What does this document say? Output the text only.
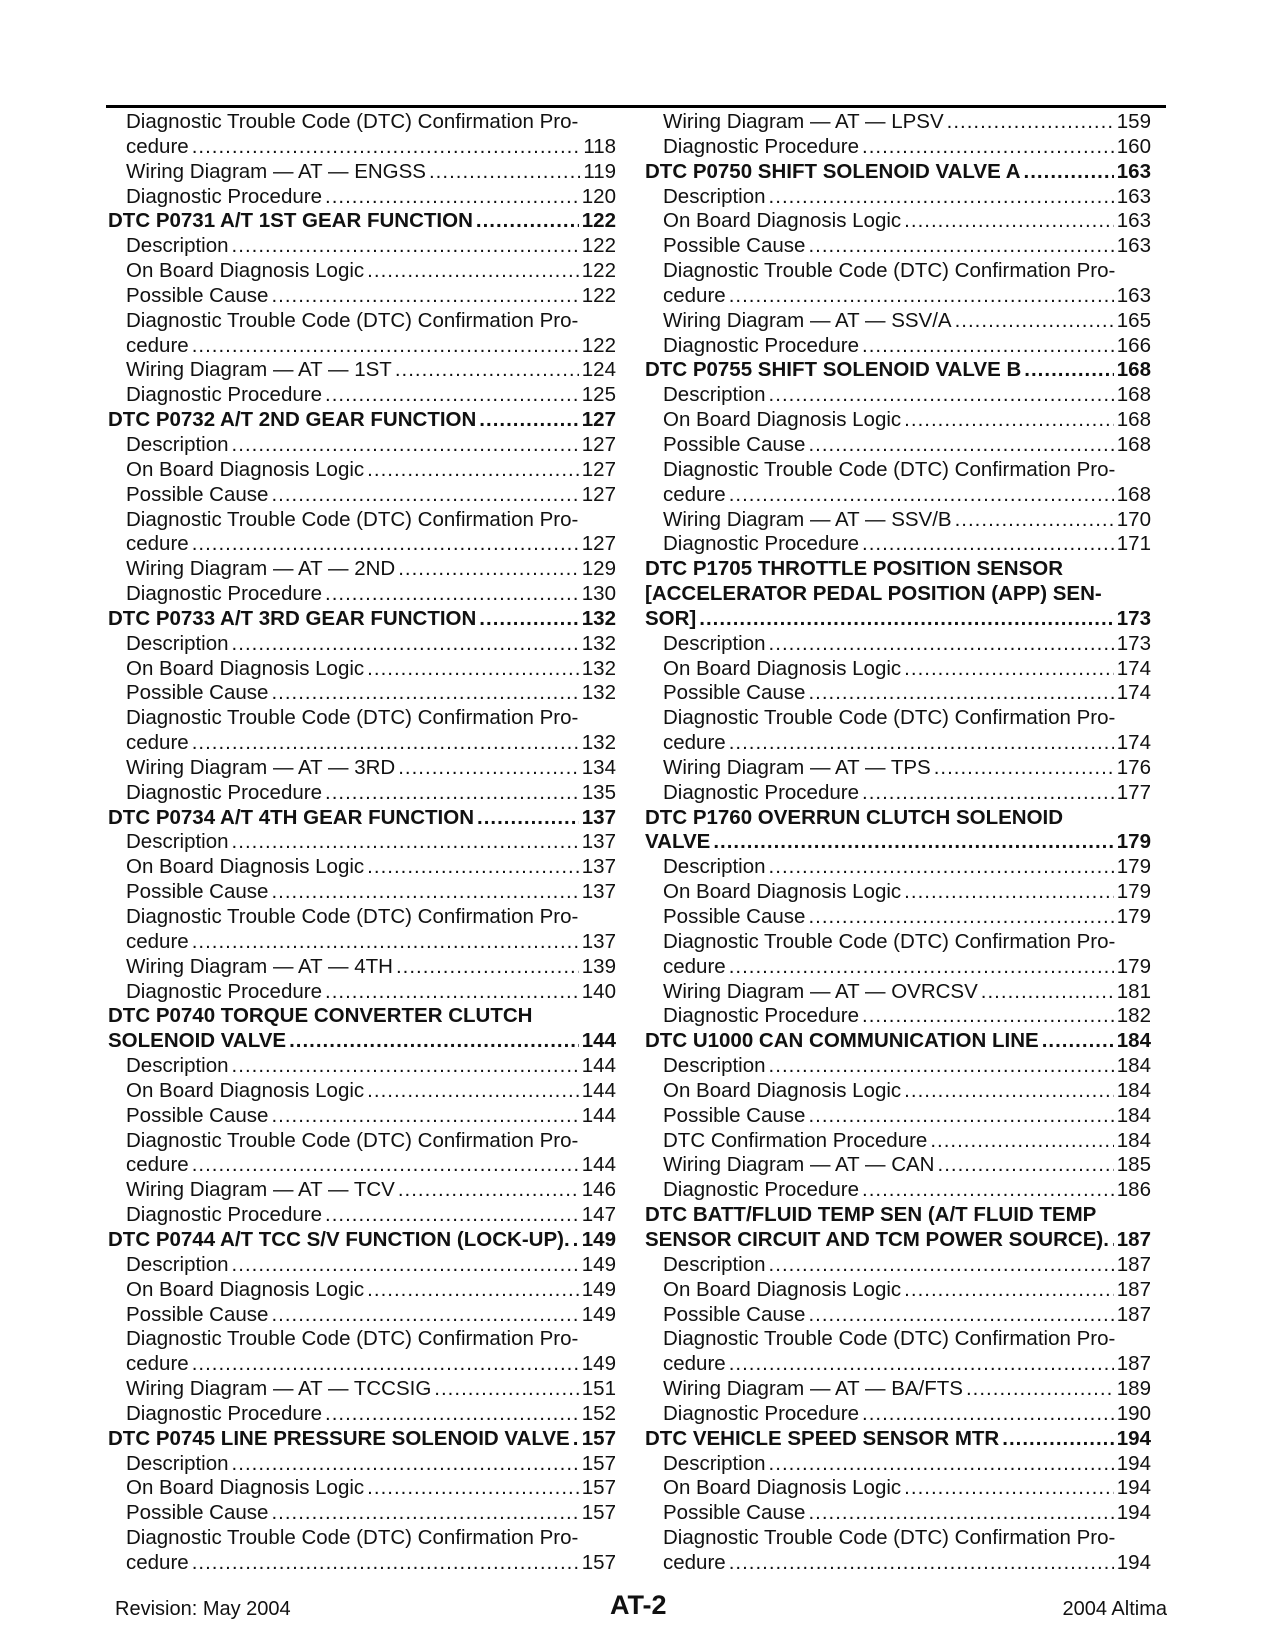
Diagnostic Trouble Code (DTC) Confirmation Pro-
cedure .....	118
Wiring Diagram — AT — ENGSS .....	119
Diagnostic Procedure .....	120
DTC P0731 A/T 1ST GEAR FUNCTION .....	122
Description .....	122
On Board Diagnosis Logic .....	122
Possible Cause .....	122
Diagnostic Trouble Code (DTC) Confirmation Pro-
cedure .....	122
Wiring Diagram — AT — 1ST .....	124
Diagnostic Procedure .....	125
DTC P0732 A/T 2ND GEAR FUNCTION .....	127
Description .....	127
On Board Diagnosis Logic .....	127
Possible Cause .....	127
Diagnostic Trouble Code (DTC) Confirmation Pro-
cedure .....	127
Wiring Diagram — AT — 2ND .....	129
Diagnostic Procedure .....	130
DTC P0733 A/T 3RD GEAR FUNCTION .....	132
Description .....	132
On Board Diagnosis Logic .....	132
Possible Cause .....	132
Diagnostic Trouble Code (DTC) Confirmation Pro-
cedure .....	132
Wiring Diagram — AT — 3RD .....	134
Diagnostic Procedure .....	135
DTC P0734 A/T 4TH GEAR FUNCTION .....	137
Description .....	137
On Board Diagnosis Logic .....	137
Possible Cause .....	137
Diagnostic Trouble Code (DTC) Confirmation Pro-
cedure .....	137
Wiring Diagram — AT — 4TH .....	139
Diagnostic Procedure .....	140
DTC P0740 TORQUE CONVERTER CLUTCH
SOLENOID VALVE .....	144
Description .....	144
On Board Diagnosis Logic .....	144
Possible Cause .....	144
Diagnostic Trouble Code (DTC) Confirmation Pro-
cedure .....	144
Wiring Diagram — AT — TCV .....	146
Diagnostic Procedure .....	147
DTC P0744 A/T TCC S/V FUNCTION (LOCK-UP). ..... 149
Description .....	149
On Board Diagnosis Logic .....	149
Possible Cause .....	149
Diagnostic Trouble Code (DTC) Confirmation Pro-
cedure .....	149
Wiring Diagram — AT — TCCSIG .....	151
Diagnostic Procedure .....	152
DTC P0745 LINE PRESSURE SOLENOID VALVE ..... 157
Description .....	157
On Board Diagnosis Logic .....	157
Possible Cause .....	157
Diagnostic Trouble Code (DTC) Confirmation Pro-
cedure .....	157
Wiring Diagram — AT — LPSV .....	159
Diagnostic Procedure .....	160
DTC P0750 SHIFT SOLENOID VALVE A .....	163
Description .....	163
On Board Diagnosis Logic .....	163
Possible Cause .....	163
Diagnostic Trouble Code (DTC) Confirmation Pro-
cedure .....	163
Wiring Diagram — AT — SSV/A .....	165
Diagnostic Procedure .....	166
DTC P0755 SHIFT SOLENOID VALVE B .....	168
Description .....	168
On Board Diagnosis Logic .....	168
Possible Cause .....	168
Diagnostic Trouble Code (DTC) Confirmation Pro-
cedure .....	168
Wiring Diagram — AT — SSV/B .....	170
Diagnostic Procedure .....	171
DTC P1705 THROTTLE POSITION SENSOR
[ACCELERATOR PEDAL POSITION (APP) SEN-
SOR] .....	173
Description .....	173
On Board Diagnosis Logic .....	174
Possible Cause .....	174
Diagnostic Trouble Code (DTC) Confirmation Pro-
cedure .....	174
Wiring Diagram — AT — TPS .....	176
Diagnostic Procedure .....	177
DTC P1760 OVERRUN CLUTCH SOLENOID
VALVE .....	179
Description .....	179
On Board Diagnosis Logic .....	179
Possible Cause .....	179
Diagnostic Trouble Code (DTC) Confirmation Pro-
cedure .....	179
Wiring Diagram — AT — OVRCSV .....	181
Diagnostic Procedure .....	182
DTC U1000 CAN COMMUNICATION LINE .....	184
Description .....	184
On Board Diagnosis Logic .....	184
Possible Cause .....	184
DTC Confirmation Procedure .....	184
Wiring Diagram — AT — CAN .....	185
Diagnostic Procedure .....	186
DTC BATT/FLUID TEMP SEN (A/T FLUID TEMP
SENSOR CIRCUIT AND TCM POWER SOURCE). ..... 187
Description .....	187
On Board Diagnosis Logic .....	187
Possible Cause .....	187
Diagnostic Trouble Code (DTC) Confirmation Pro-
cedure .....	187
Wiring Diagram — AT — BA/FTS .....	189
Diagnostic Procedure .....	190
DTC VEHICLE SPEED SENSOR MTR .....	194
Description .....	194
On Board Diagnosis Logic .....	194
Possible Cause .....	194
Diagnostic Trouble Code (DTC) Confirmation Pro-
cedure .....	194
Revision: May 2004	AT-2	2004 Altima
